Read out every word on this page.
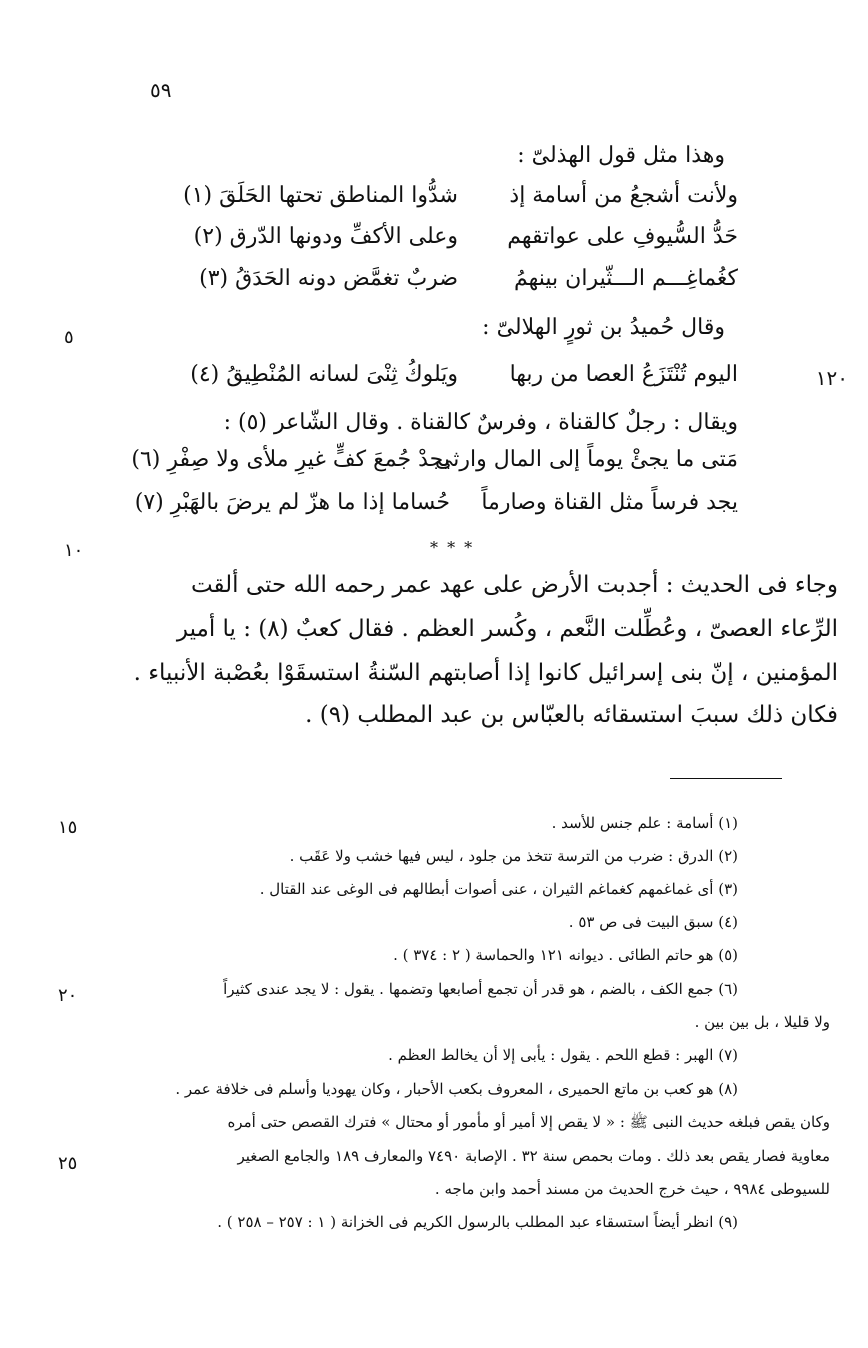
٥٩
وهذا مثل قول الهذلىّ :
ولأنت أشجعُ من أسامة إذ
شدُّوا المناطق تحتها الحَلَقَ (١)
حَدُّ السُّيوفِ على عواتقهم
وعلى الأكفِّ ودونها الدّرق (٢)
كغُماغِـــم الـــثّيران بينهمُ
ضربٌ تغمَّض دونه الحَدَقُ (٣)
٥	وقال حُميدُ بن ثورٍ الهلالىّ :
اليوم تُنْتَزَعُ العصا من ربها
ويَلوكُ ثِنْىَ لسانه المُنْطِيقُ (٤)	١٢٠
ويقال : رجلٌ كالقناة ، وفرسٌ كالقناة . وقال الشّاعر (٥) :
مَتى ما يجئْ يوماً إلى المال وارثى
يجدْ جُمعَ كفٍّ غيرِ ملأى ولا صِفْرِ (٦)
يجد فرساً مثل القناة وصارماً
حُساما إذا ما هزّ لم يرضَ بالهَبْرِ (٧)
١٠	* * *
وجاء فى الحديث : أجدبت الأرض على عهد عمر رحمه الله حتى ألقت
الرِّعاء العصىّ ، وعُطِّلت النَّعم ، وكُسر العظم . فقال كعبٌ (٨) : يا أمير
المؤمنين ، إنّ بنى إسرائيل كانوا إذا أصابتهم السّنةُ استسقَوْا بعُصْبة الأنبياء .
فكان ذلك سببَ استسقائه بالعبّاس بن عبد المطلب (٩) .
١٥
٢٠
٢٥
(١) أسامة : علم جنس للأسد .
(٢) الدرق : ضرب من الترسة تتخذ من جلود ، ليس فيها خشب ولا عَقَب .
(٣) أى غماغمهم كغماغم الثيران ، عنى أصوات أبطالهم فى الوغى عند القتال .
(٤) سبق البيت فى ص ٥٣ .
(٥) هو حاتم الطائى . ديوانه ١٢١ والحماسة ( ٢ : ٣٧٤ ) .
(٦) جمع الكف ، بالضم ، هو قدر أن تجمع أصابعها وتضمها . يقول : لا يجد عندى كثيراً
ولا قليلا ، بل بين بين .
(٧) الهبر : قطع اللحم . يقول : يأبى إلا أن يخالط العظم .
(٨) هو كعب بن ماتع الحميرى ، المعروف بكعب الأحبار ، وكان يهوديا وأسلم فى خلافة عمر .
وكان يقص فبلغه حديث النبى ﷺ : « لا يقص إلا أمير أو مأمور أو محتال » فترك القصص حتى أمره
معاوية فصار يقص بعد ذلك . ومات بحمص سنة ٣٢ . الإصابة ٧٤٩٠ والمعارف ١٨٩ والجامع الصغير
للسيوطى ٩٩٨٤ ، حيث خرج الحديث من مسند أحمد وابن ماجه .
(٩) انظر أيضاً استسقاء عبد المطلب بالرسول الكريم فى الخزانة ( ١ : ٢٥٧ – ٢٥٨ ) .
